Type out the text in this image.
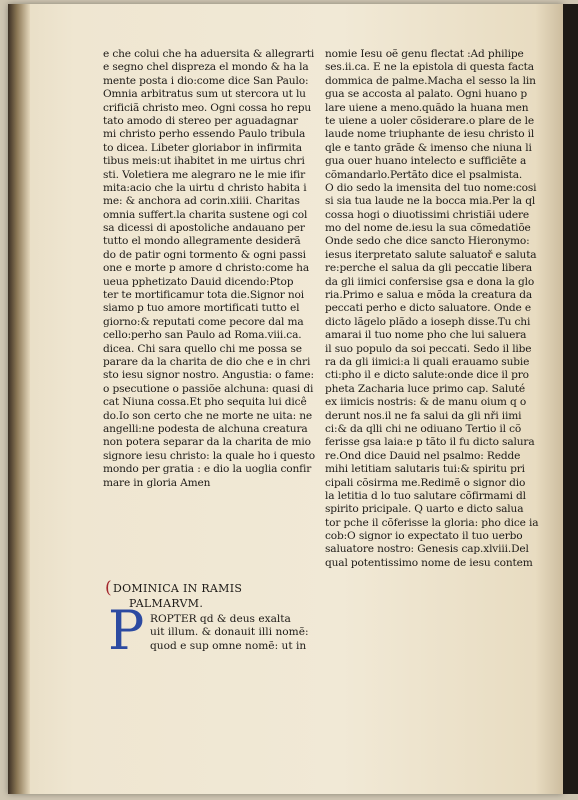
e che colui che ha aduersita & allegrarti
e segno chel dispreza el mondo & ha la
mente posta i dio:come dice San Paulo:
Omnia arbitratus sum ut stercora ut lu
crificiã christo meo. Ogni cossa ho repu
tato amodo di stereo per aguadagnar
mi christo perho essendo Paulo tribula
to dicea. Libeter gloriabor in infirmita
tibus meis:ut ihabitet in me uirtus chri
sti. Voletiera me alegraro ne le mie ifir
mita:acio che la uirtu d christo habita i
me: & anchora ad corin.xiiii. Charitas
omnia suffert.la charita sustene ogi col
sa dicessi di apostoliche andauano per
tutto el mondo allegramente desiderã
do de patir ogni tormento & ogni passi
one e morte p amore d christo:come ha
ueua pphetizato Dauid dicendo:Ptop
ter te mortificamur tota die.Signor noi
siamo p tuo amore mortificati tutto el
giorno:& reputati come pecore dal ma
cello:perho san Paulo ad Roma.viii.ca.
dicea. Chi sara quello chi me possa se
parare da la charita de dio che e in chri
sto iesu signor nostro. Angustia: o fame:
o psecutione o passiõe alchuna: quasi di
cat Niuna cossa.Et pho sequita lui dicê
do.Io son certo che ne morte ne uita: ne
angelli:ne podesta de alchuna creatura
non potera separar da la charita de mio
signore iesu christo: la quale ho i questo
mondo per gratia : e dio la uoglia confir
mare in gloria Amen
( DOMINICA IN RAMIS
PALMARVM.
P ROPTER qd & deus exalta
uit illum. & donauit illi nomẽ:
quod e sup omne nomẽ: ut in
nomie Iesu oẽ genu flectat :Ad philipe
ses.ii.ca. E ne la epistola di questa facta
dommica de palme.Macha el sesso la lin
gua se accosta al palato. Ogni huano p
lare uiene a meno.quãdo la huana men
te uiene a uoler cõsiderare.o plare de le
laude nome triuphante de iesu christo il
qle e tanto grãde & imenso che niuna li
gua ouer huano intelecto e sufficiẽte a
cõmandarlo.Pertãto dice el psalmista.
O dio sedo la imensita del tuo nome:cosi
si sia tua laude ne la bocca mia.Per la ql
cossa hogi o diuotissimi christiãi udere
mo del nome de.iesu la sua cõmedatiõe
Onde sedo che dice sancto Hieronymo:
iesus iterpretato salute saluatoř e saluta
re:perche el salua da gli peccatie libera
da gli iimici confersise gsa e dona la glo
ria.Primo e salua e mõda la creatura da
peccati perho e dicto saluatore. Onde e
dicto lãgelo plãdo a ioseph disse.Tu chi
amarai il tuo nome pho che lui saluera
il suo populo da soi peccati. Sedo il libe
ra da gli iimici:a li quali erauamo subie
cti:pho il e dicto salute:onde dice il pro
pheta Zacharia luce primo cap. Saluté
ex iimicis nostris: & de manu oium q o
derunt nos.il ne fa salui da gli nři iimi
ci:& da qlli chi ne odiuano Tertio il cõ
ferisse gsa laia:e p tãto il fu dicto salura
re.Ond dice Dauid nel psalmo: Redde
mihi letitiam salutaris tui:& spiritu pri
cipali cõsirma me.Redimẽ o signor dio
la letitia d lo tuo salutare cõfirmami dl
spirito pricipale. Q uarto e dicto salua
tor pche il cõferisse la gloria: pho dice ia
cob:O signor io expectato il tuo uerbo
saluatore nostro: Genesis cap.xlviii.Del
qual potentissimo nome de iesu contem
